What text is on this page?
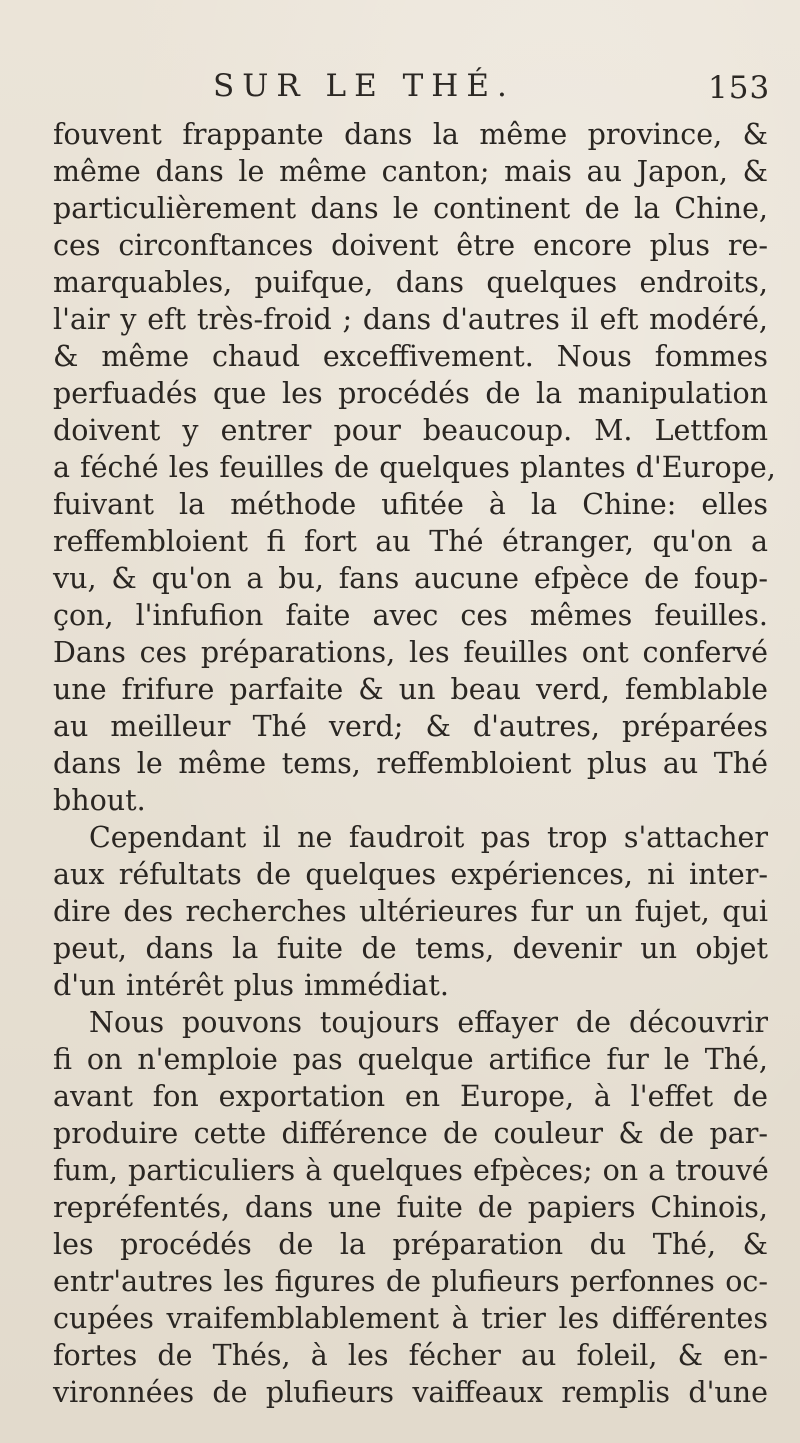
SUR LE THÉ.	153
fouvent frappante dans la même province, &
même dans le même canton; mais au Japon, &
particulièrement dans le continent de la Chine,
ces circonftances doivent être encore plus re-
marquables, puifque, dans quelques endroits,
l'air y eft très-froid ; dans d'autres il eft modéré,
& même chaud exceffivement. Nous fommes
perfuadés que les procédés de la manipulation
doivent y entrer pour beaucoup. M. Lettfom
a féché les feuilles de quelques plantes d'Europe,
fuivant la méthode ufitée à la Chine: elles
reffembloient fi fort au Thé étranger, qu'on a
vu, & qu'on a bu, fans aucune efpèce de foup-
çon, l'infufion faite avec ces mêmes feuilles.
Dans ces préparations, les feuilles ont confervé
une frifure parfaite & un beau verd, femblable
au meilleur Thé verd; & d'autres, préparées
dans le même tems, reffembloient plus au Thé
bhout.
Cependant il ne faudroit pas trop s'attacher
aux réfultats de quelques expériences, ni inter-
dire des recherches ultérieures fur un fujet, qui
peut, dans la fuite de tems, devenir un objet
d'un intérêt plus immédiat.
Nous pouvons toujours effayer de découvrir
fi on n'emploie pas quelque artifice fur le Thé,
avant fon exportation en Europe, à l'effet de
produire cette différence de couleur & de par-
fum, particuliers à quelques efpèces; on a trouvé
repréfentés, dans une fuite de papiers Chinois,
les procédés de la préparation du Thé, &
entr'autres les figures de plufieurs perfonnes oc-
cupées vraifemblablement à trier les différentes
fortes de Thés, à les fécher au foleil, & en-
vironnées de plufieurs vaiffeaux remplis d'une
